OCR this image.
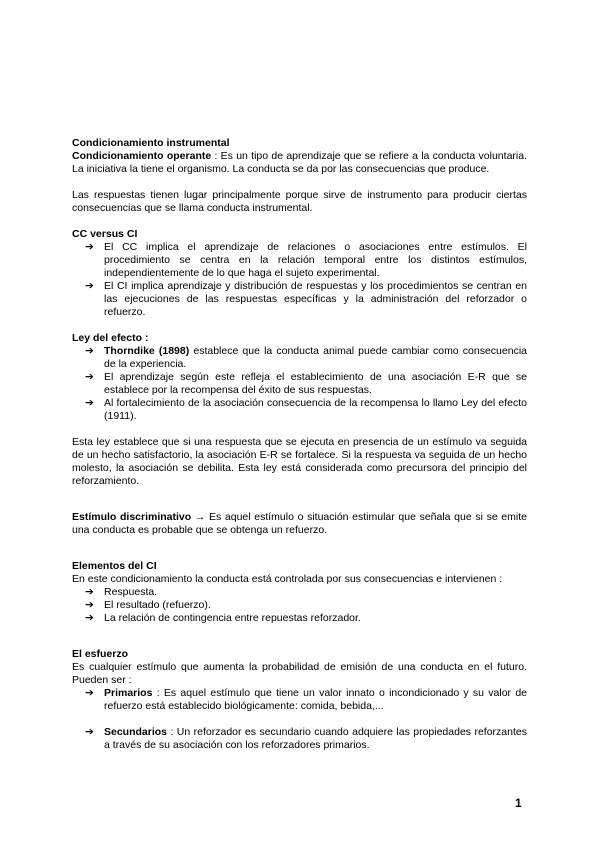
Condicionamiento instrumental

Condicionamiento operante : Es un tipo de aprendizaje que se refiere a la conducta voluntaria. La iniciativa la tiene el organismo. La conducta se da por las consecuencias que produce.

Las respuestas tienen lugar principalmente porque sirve de instrumento para producir ciertas consecuencias que se llama conducta instrumental.

CC versus CI

➔ El CC implica el aprendizaje de relaciones o asociaciones entre estímulos. El procedimiento se centra en la relación temporal entre los distintos estímulos, independientemente de lo que haga el sujeto experimental.
➔ El CI implica aprendizaje y distribución de respuestas y los procedimientos se centran en las ejecuciones de las respuestas específicas y la administración del reforzador o refuerzo.

Ley del efecto :

➔ Thorndike (1898) establece que la conducta animal puede cambiar como consecuencia de la experiencia.
➔ El aprendizaje según este refleja el establecimiento de una asociación E-R que se establece por la recompensa del éxito de sus respuestas.
➔ Al fortalecimiento de la asociación consecuencia de la recompensa lo llamo Ley del efecto (1911).

Esta ley establece que si una respuesta que se ejecuta en presencia de un estímulo va seguida de un hecho satisfactorio, la asociación E-R se fortalece. Si la respuesta va seguida de un hecho molesto, la asociación se debilita. Esta ley está considerada como precursora del principio del reforzamiento.

Estímulo discriminativo → Es aquel estímulo o situación estimular que señala que si se emite una conducta es probable que se obtenga un refuerzo.

Elementos del CI

En este condicionamiento la conducta está controlada por sus consecuencias e intervienen :

➔ Respuesta.
➔ El resultado (refuerzo).
➔ La relación de contingencia entre repuestas reforzador.

El esfuerzo

Es cualquier estímulo que aumenta la probabilidad de emisión de una conducta en el futuro. Pueden ser :

➔ Primarios : Es aquel estímulo que tiene un valor innato o incondicionado y su valor de refuerzo está establecido biológicamente: comida, bebida,...
➔ Secundarios : Un reforzador es secundario cuando adquiere las propiedades reforzantes a través de su asociación con los reforzadores primarios.
1
